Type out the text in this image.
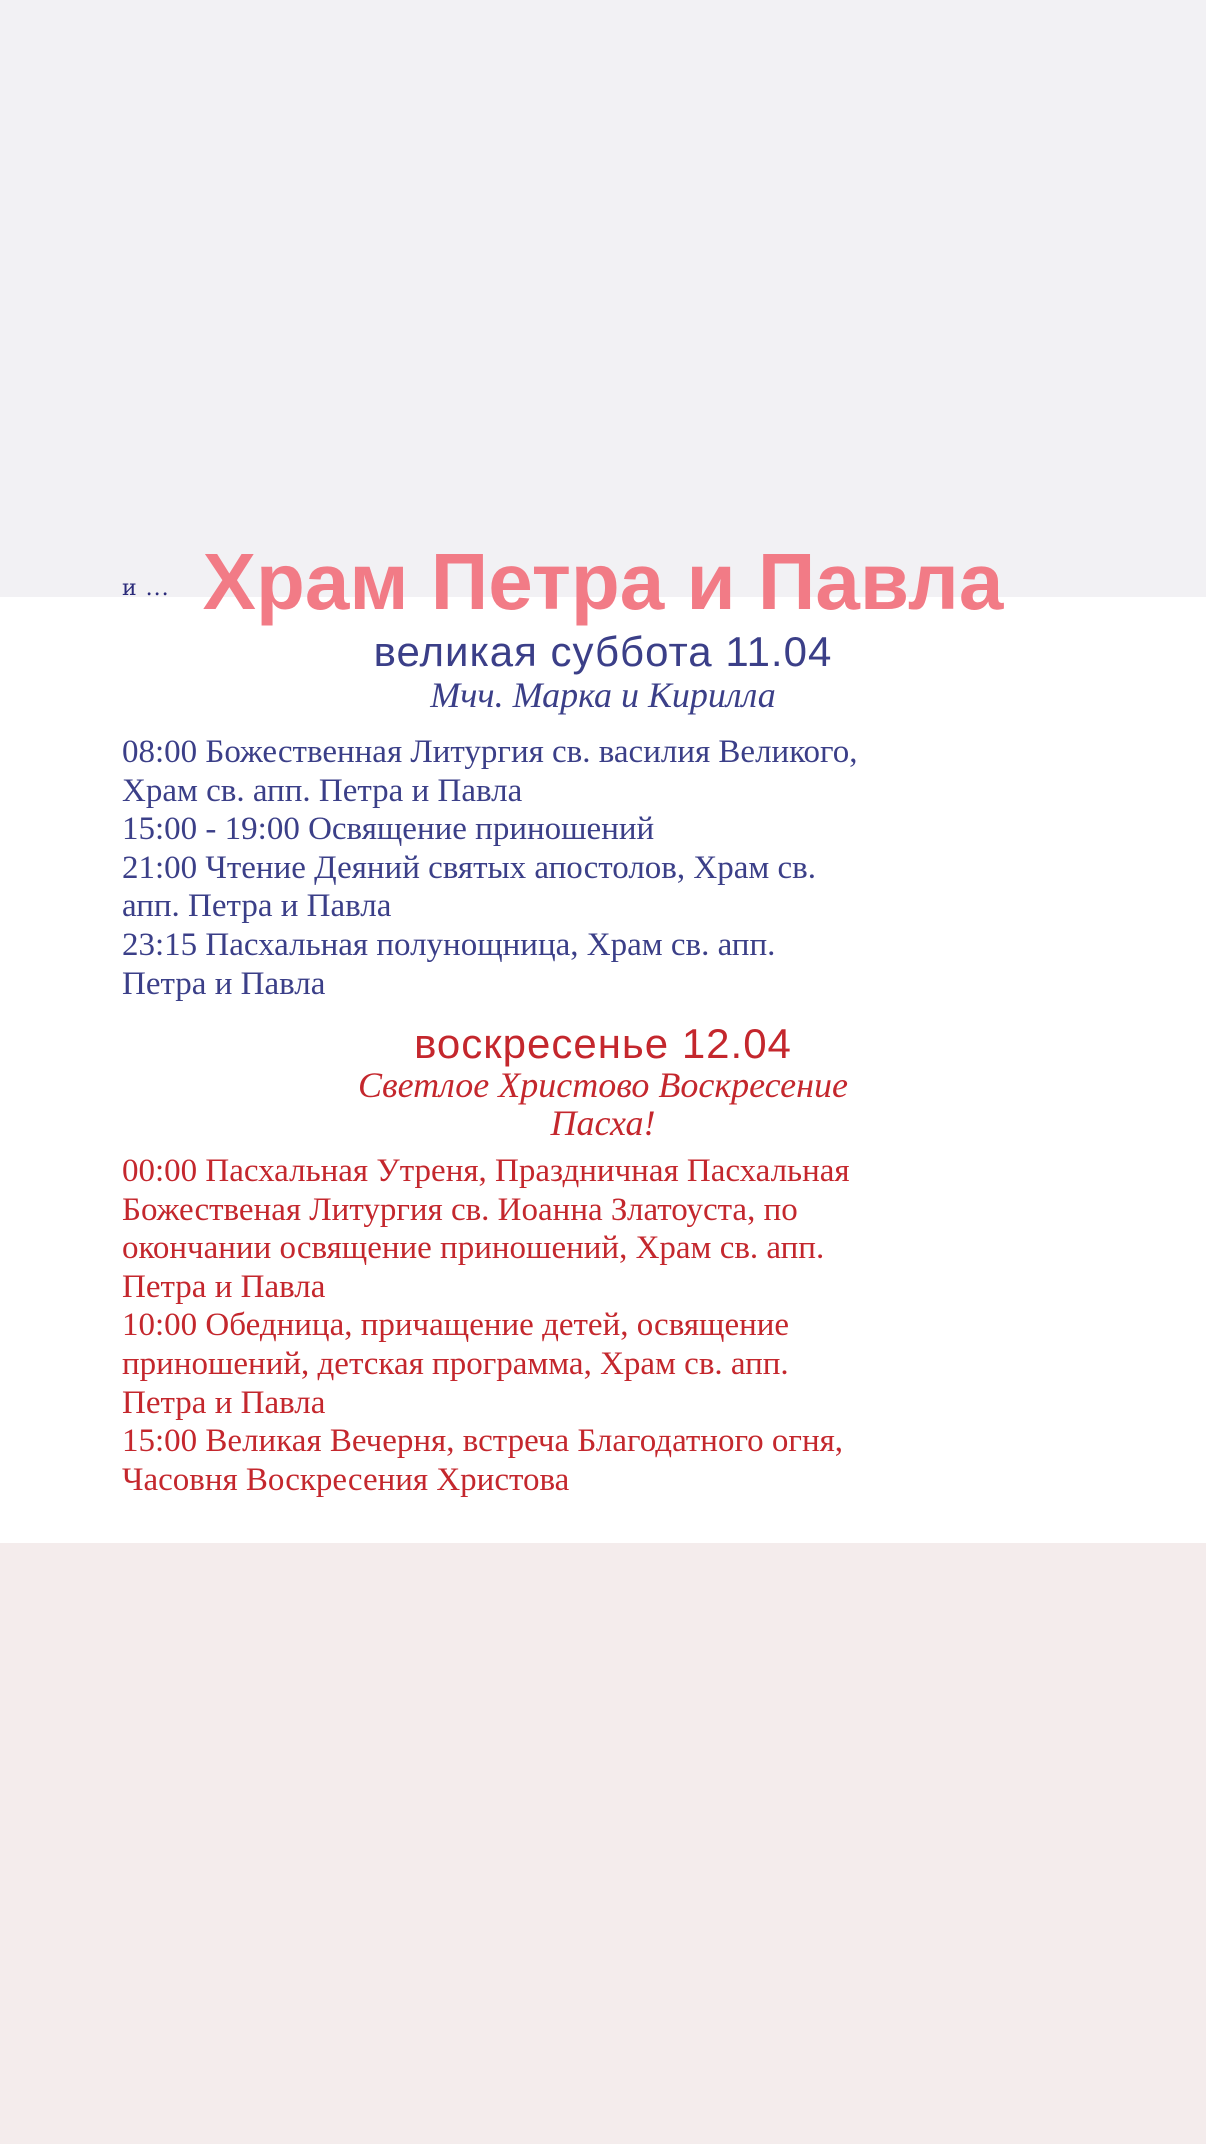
и ... Храм Петра и Павла
великая суббота 11.04
Мчч. Марка и Кирилла
08:00 Божественная Литургия св. василия Великого,
Храм св. апп. Петра и Павла
15:00 - 19:00 Освящение приношений
21:00 Чтение Деяний святых апостолов, Храм св.
апп. Петра и Павла
23:15 Пасхальная полунощница, Храм св. апп.
Петра и Павла
воскресенье 12.04
Светлое Христово Воскресение
Пасха!
00:00 Пасхальная Утреня, Праздничная Пасхальная
Божественая Литургия св. Иоанна Златоуста, по
окончании освящение приношений, Храм св. апп.
Петра и Павла
10:00 Обедница, причащение детей, освящение
приношений, детская программа, Храм св. апп.
Петра и Павла
15:00 Великая Вечерня, встреча Благодатного огня,
Часовня Воскресения Христова
